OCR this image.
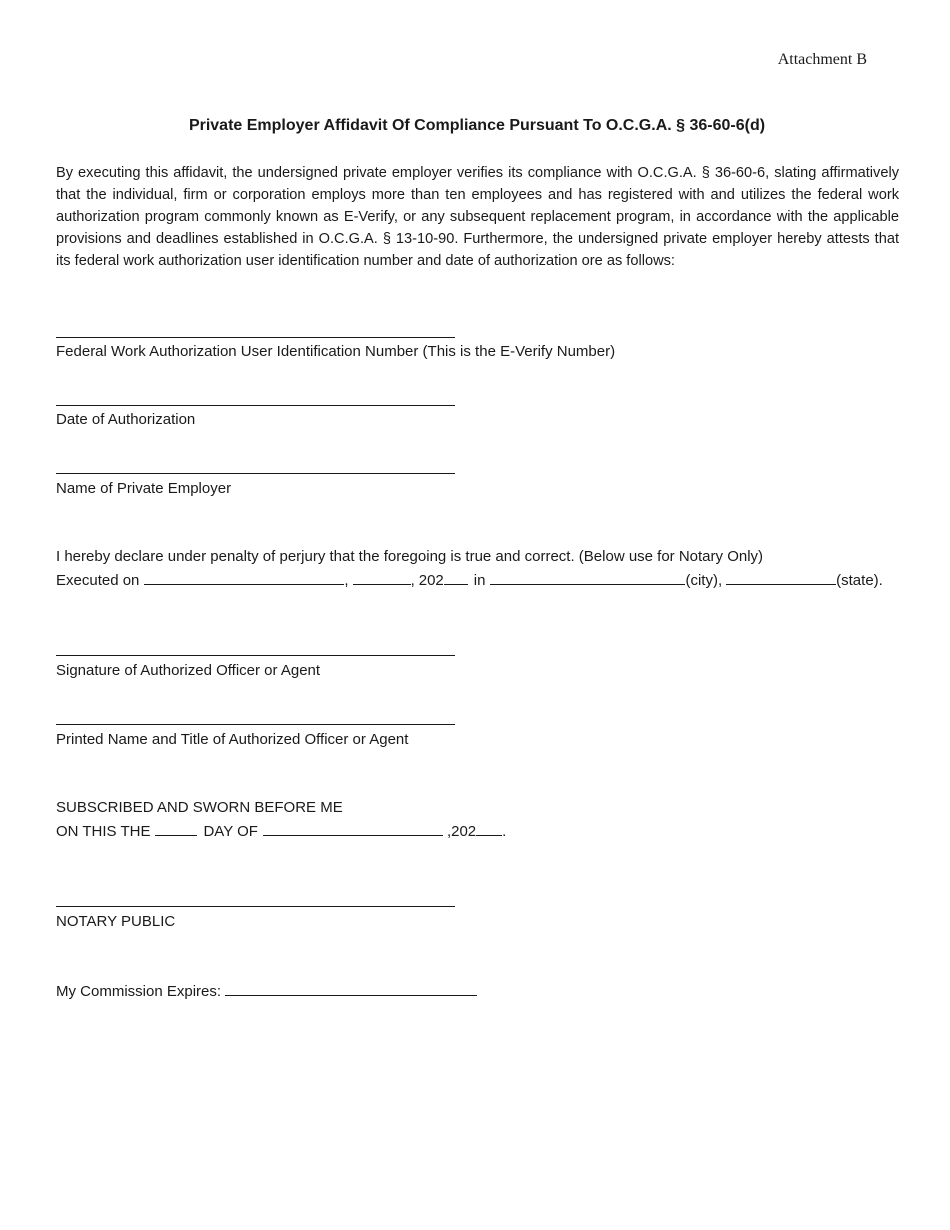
Attachment B
Private Employer Affidavit Of Compliance Pursuant To O.C.G.A. § 36-60-6(d)

By executing this affidavit, the undersigned private employer verifies its compliance with O.C.G.A. § 36-60-6, slating affirmatively that the individual, firm or corporation employs more than ten employees and has registered with and utilizes the federal work authorization program commonly known as E-Verify, or any subsequent replacement program, in accordance with the applicable provisions and deadlines established in O.C.G.A. § 13-10-90. Furthermore, the undersigned private employer hereby attests that its federal work authorization user identification number and date of authorization ore as follows:

Federal Work Authorization User Identification Number (This is the E-Verify Number)
Date of Authorization
Name of Private Employer

I hereby declare under penalty of perjury that the foregoing is true and correct. (Below use for Notary Only)

Executed on	,	, 202 in	(city),	(state).
Signature of Authorized Officer or Agent
Printed Name and Title of Authorized Officer or Agent
SUBSCRIBED AND SWORN BEFORE ME
ON THIS THE	DAY OF	,202 .
NOTARY PUBLIC
My Commission Expires:
